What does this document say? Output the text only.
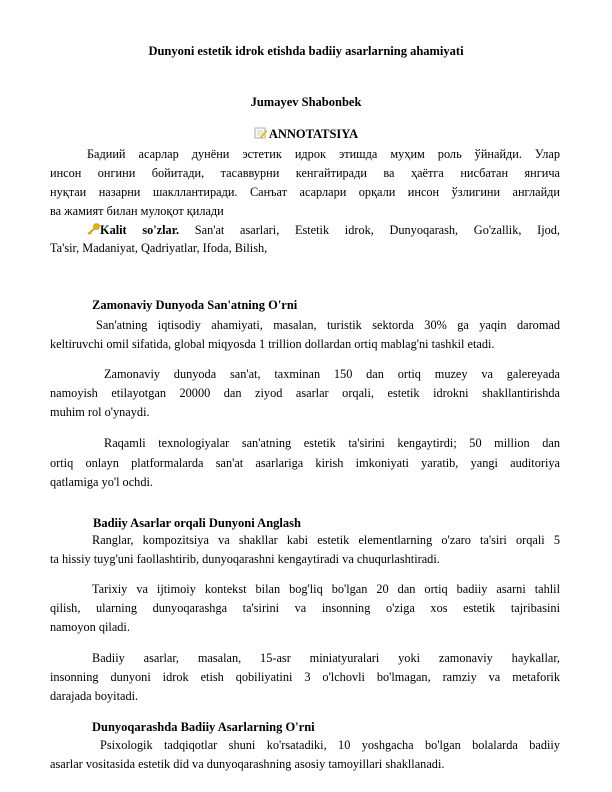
Dunyoni estetik idrok etishda badiiy asarlarning ahamiyati
Jumayev Shabonbek
ANNOTATSIYA
Бадиий асарлар дунёни эстетик идрок этишда муҳим роль ўйнайди. Улар
инсон онгини бойитади, тасаввурни кенгайтиради ва ҳаётга нисбатан янгича
нуқтаи назарни шакллантиради. Санъат асарлари орқали инсон ўзлигини англайди
ва жамият билан мулоқот қилади
Kalit so'zlar. San'at asarlari, Estetik idrok, Dunyoqarash, Go'zallik, Ijod,
Ta'sir, Madaniyat, Qadriyatlar, Ifoda, Bilish,
Zamonaviy Dunyoda San'atning O'rni
San'atning iqtisodiy ahamiyati, masalan, turistik sektorda 30% ga yaqin daromad
keltiruvchi omil sifatida, global miqyosda 1 trillion dollardan ortiq mablag'ni tashkil etadi.
Zamonaviy dunyoda san'at, taxminan 150 dan ortiq muzey va galereyada
namoyish etilayotgan 20000 dan ziyod asarlar orqali, estetik idrokni shakllantirishda
muhim rol o'ynaydi.
Raqamli texnologiyalar san'atning estetik ta'sirini kengaytirdi; 50 million dan
ortiq onlayn platformalarda san'at asarlariga kirish imkoniyati yaratib, yangi auditoriya
qatlamiga yo'l ochdi.
Badiiy Asarlar orqali Dunyoni Anglash
Ranglar, kompozitsiya va shakllar kabi estetik elementlarning o'zaro ta'siri orqali 5
ta hissiy tuyg'uni faollashtirib, dunyoqarashni kengaytiradi va chuqurlashtiradi.
Tarixiy va ijtimoiy kontekst bilan bog'liq bo'lgan 20 dan ortiq badiiy asarni tahlil
qilish, ularning dunyoqarashga ta'sirini va insonning o'ziga xos estetik tajribasini
namoyon qiladi.
Badiiy asarlar, masalan, 15-asr miniatyuralari yoki zamonaviy haykallar,
insonning dunyoni idrok etish qobiliyatini 3 o'lchovli bo'lmagan, ramziy va metaforik
darajada boyitadi.
Dunyoqarashda Badiiy Asarlarning O'rni
Psixologik tadqiqotlar shuni ko'rsatadiki, 10 yoshgacha bo'lgan bolalarda badiiy
asarlar vositasida estetik did va dunyoqarashning asosiy tamoyillari shakllanadi.
